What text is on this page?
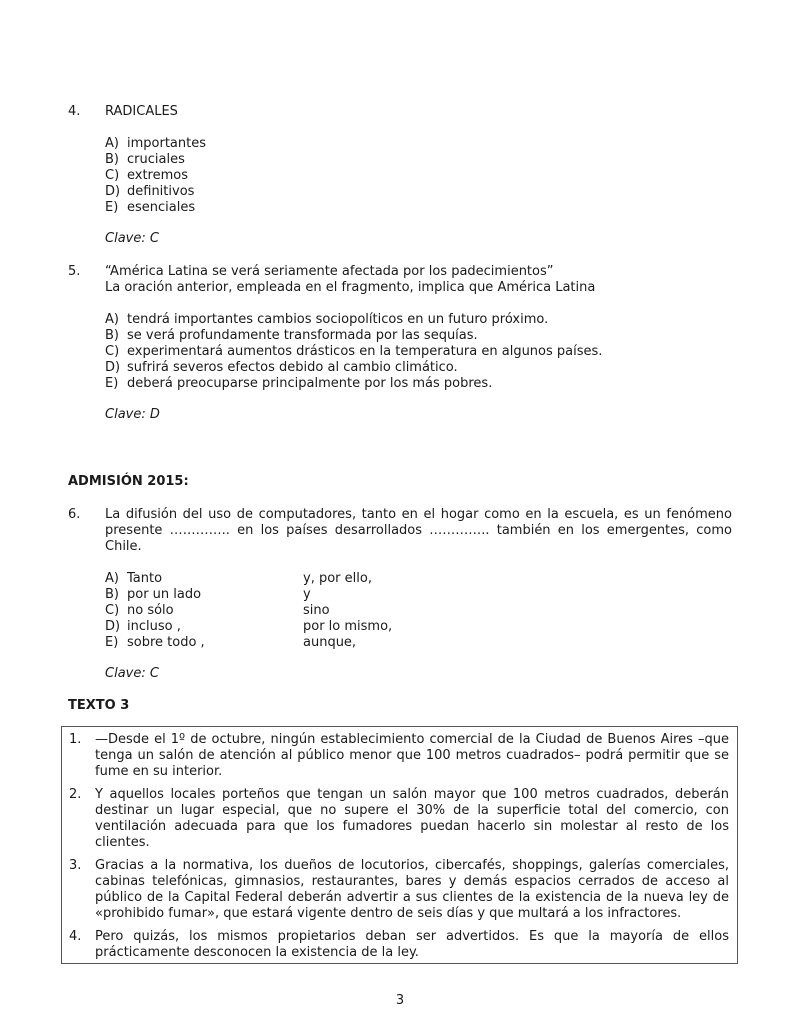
4. RADICALES
A) importantes
B) cruciales
C) extremos
D) definitivos
E) esenciales
Clave: C
5. “América Latina se verá seriamente afectada por los padecimientos”
La oración anterior, empleada en el fragmento, implica que América Latina
A) tendrá importantes cambios sociopolíticos en un futuro próximo.
B) se verá profundamente transformada por las sequías.
C) experimentará aumentos drásticos en la temperatura en algunos países.
D) sufrirá severos efectos debido al cambio climático.
E) deberá preocuparse principalmente por los más pobres.
Clave: D
ADMISIÓN 2015:
6. La difusión del uso de computadores, tanto en el hogar como en la escuela, es un fenómeno presente ………….. en los países desarrollados ………….. también en los emergentes, como Chile.
A) Tanto	y, por ello,
B) por un lado	y
C) no sólo	sino
D) incluso ,	por lo mismo,
E) sobre todo ,	aunque,
Clave: C
TEXTO 3
1.	—Desde el 1º de octubre, ningún establecimiento comercial de la Ciudad de Buenos Aires –que tenga un salón de atención al público menor que 100 metros cuadrados– podrá permitir que se fume en su interior.
2.	Y aquellos locales porteños que tengan un salón mayor que 100 metros cuadrados, deberán destinar un lugar especial, que no supere el 30% de la superficie total del comercio, con ventilación adecuada para que los fumadores puedan hacerlo sin molestar al resto de los clientes.
3.	Gracias a la normativa, los dueños de locutorios, cibercafés, shoppings, galerías comerciales, cabinas telefónicas, gimnasios, restaurantes, bares y demás espacios cerrados de acceso al público de la Capital Federal deberán advertir a sus clientes de la existencia de la nueva ley de «prohibido fumar», que estará vigente dentro de seis días y que multará a los infractores.
4.	Pero quizás, los mismos propietarios deban ser advertidos. Es que la mayoría de ellos prácticamente desconocen la existencia de la ley.
3
